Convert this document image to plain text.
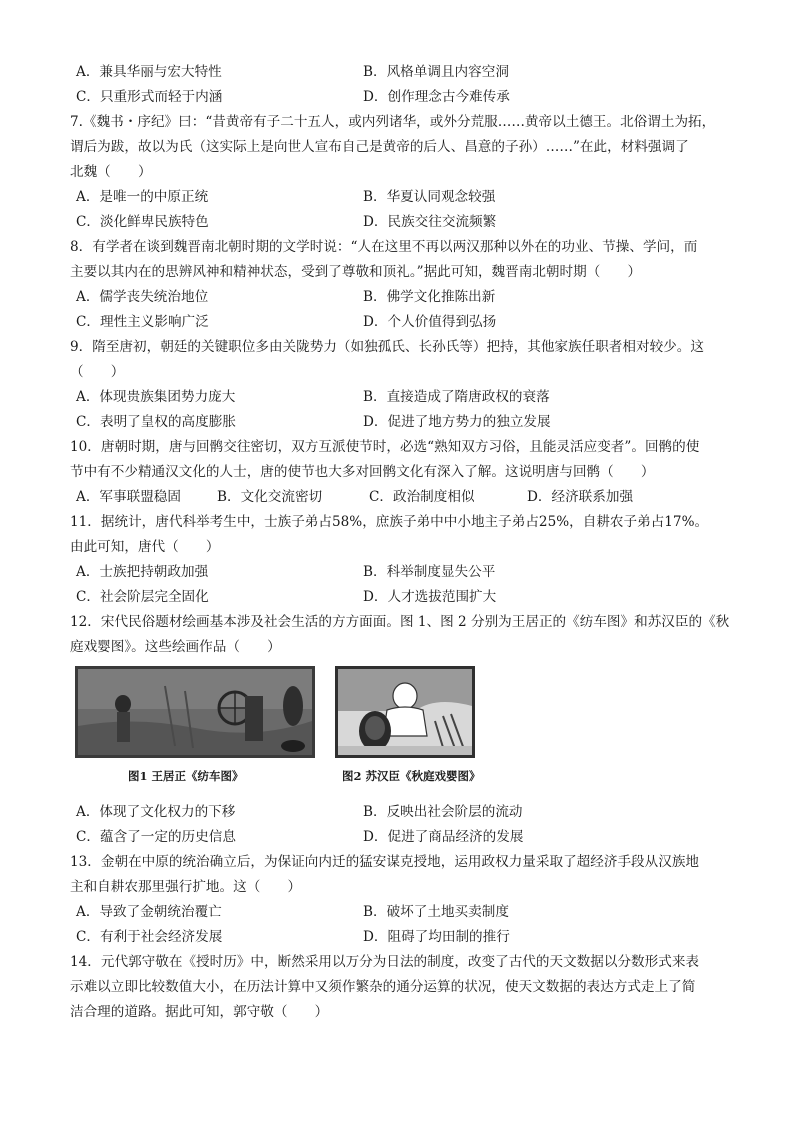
A．兼具华丽与宏大特性	B．风格单调且内容空洞
C．只重形式而轻于内涵	D．创作理念古今难传承
7.《魏书・序纪》曰：“昔黄帝有子二十五人，或内列诸华，或外分荒服……黄帝以土德王。北俗谓土为拓，
谓后为跋，故以为氏（这实际上是向世人宣布自己是黄帝的后人、昌意的子孙）……”在此，材料强调了
北魏（　　）
A．是唯一的中原正统	B．华夏认同观念较强
C．淡化鲜卑民族特色	D．民族交往交流频繁
8．有学者在谈到魏晋南北朝时期的文学时说：“人在这里不再以两汉那种以外在的功业、节操、学问，而
主要以其内在的思辨风神和精神状态，受到了尊敬和顶礼。”据此可知，魏晋南北朝时期（　　）
A．儒学丧失统治地位	B．佛学文化推陈出新
C．理性主义影响广泛	D．个人价值得到弘扬
9．隋至唐初，朝廷的关键职位多由关陇势力（如独孤氏、长孙氏等）把持，其他家族任职者相对较少。这
（　　）
A．体现贵族集团势力庞大	B．直接造成了隋唐政权的衰落
C．表明了皇权的高度膨胀	D．促进了地方势力的独立发展
10．唐朝时期，唐与回鹘交往密切，双方互派使节时，必选“熟知双方习俗，且能灵活应变者”。回鹘的使
节中有不少精通汉文化的人士，唐的使节也大多对回鹘文化有深入了解。这说明唐与回鹘（　　）
A．军事联盟稳固	B．文化交流密切	C．政治制度相似	D．经济联系加强
11．据统计，唐代科举考生中，士族子弟占58%，庶族子弟中中小地主子弟占25%，自耕农子弟占17%。
由此可知，唐代（　　）
A．士族把持朝政加强	B．科举制度显失公平
C．社会阶层完全固化	D．人才选拔范围扩大
12．宋代民俗题材绘画基本涉及社会生活的方方面面。图 1、图 2 分别为王居正的《纺车图》和苏汉臣的《秋
庭戏婴图》。这些绘画作品（　　）
图1 王居正《纺车图》	图2 苏汉臣《秋庭戏婴图》
A．体现了文化权力的下移	B．反映出社会阶层的流动
C．蕴含了一定的历史信息	D．促进了商品经济的发展
13．金朝在中原的统治确立后，为保证向内迁的猛安谋克授地，运用政权力量采取了超经济手段从汉族地
主和自耕农那里强行扩地。这（　　）
A．导致了金朝统治覆亡	B．破坏了土地买卖制度
C．有利于社会经济发展	D．阻碍了均田制的推行
14．元代郭守敬在《授时历》中，断然采用以万分为日法的制度，改变了古代的天文数据以分数形式来表
示难以立即比较数值大小，在历法计算中又须作繁杂的通分运算的状况，使天文数据的表达方式走上了简
洁合理的道路。据此可知，郭守敬（　　）
